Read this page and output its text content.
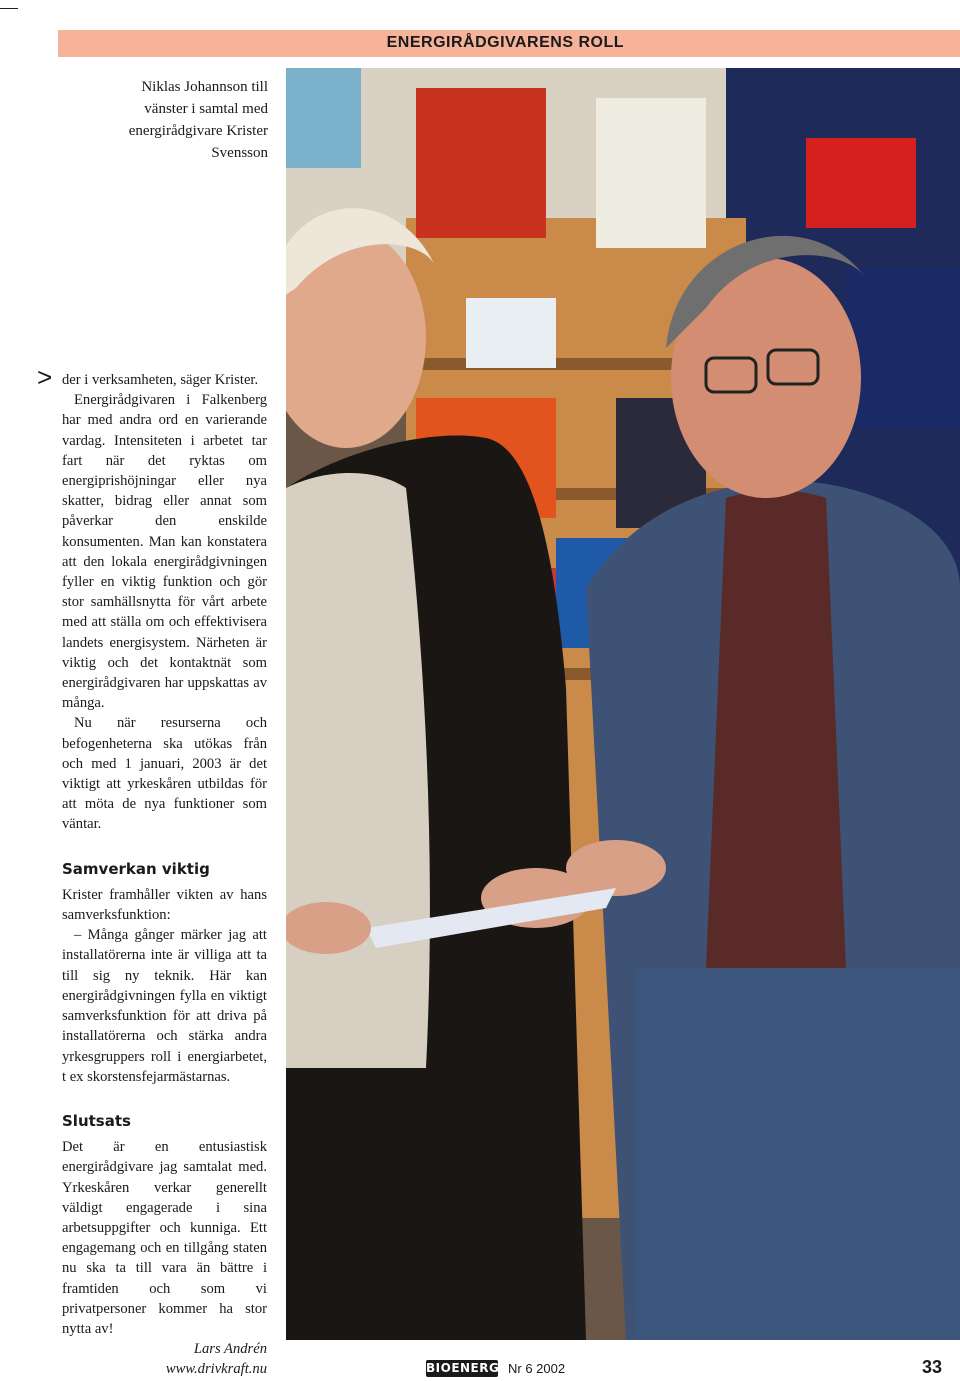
ENERGIRÅDGIVARENS ROLL
Niklas Johannson till vänster i samtal med energirådgivare Krister Svensson
> der i verksamheten, säger Krister.

Energirådgivaren i Falkenberg har med andra ord en varierande vardag. Intensiteten i arbetet tar fart när det ryktas om energiprishöjningar eller nya skatter, bidrag eller annat som påverkar den enskilde konsumenten. Man kan konstatera att den lokala energirådgivningen fyller en viktig funktion och gör stor samhällsnytta för vårt arbete med att ställa om och effektivisera landets energisystem. Närheten är viktig och det kontaktnät som energirådgivaren har uppskattas av många.

Nu när resurserna och befogenheterna ska utökas från och med 1 januari, 2003 är det viktigt att yrkeskåren utbildas för att möta de nya funktioner som väntar.

Samverkan viktig

Krister framhåller vikten av hans samverksfunktion:

– Många gånger märker jag att installatörerna inte är villiga att ta till sig ny teknik. Här kan energirådgivningen fylla en viktigt samverksfunktion för att driva på installatörerna och stärka andra yrkesgruppers roll i energiarbetet, t ex skorstensfejarmästarnas.

Slutsats

Det är en entusiastisk energirådgivare jag samtalat med. Yrkeskåren verkar generellt väldigt engagerade i sina arbetsuppgifter och kunniga. Ett engagemang och en tillgång staten nu ska ta till vara än bättre i framtiden och som vi privatpersoner kommer ha stor nytta av!

Lars Andrén

www.drivkraft.nu	BIOENERGI Nr 6 2002	33
